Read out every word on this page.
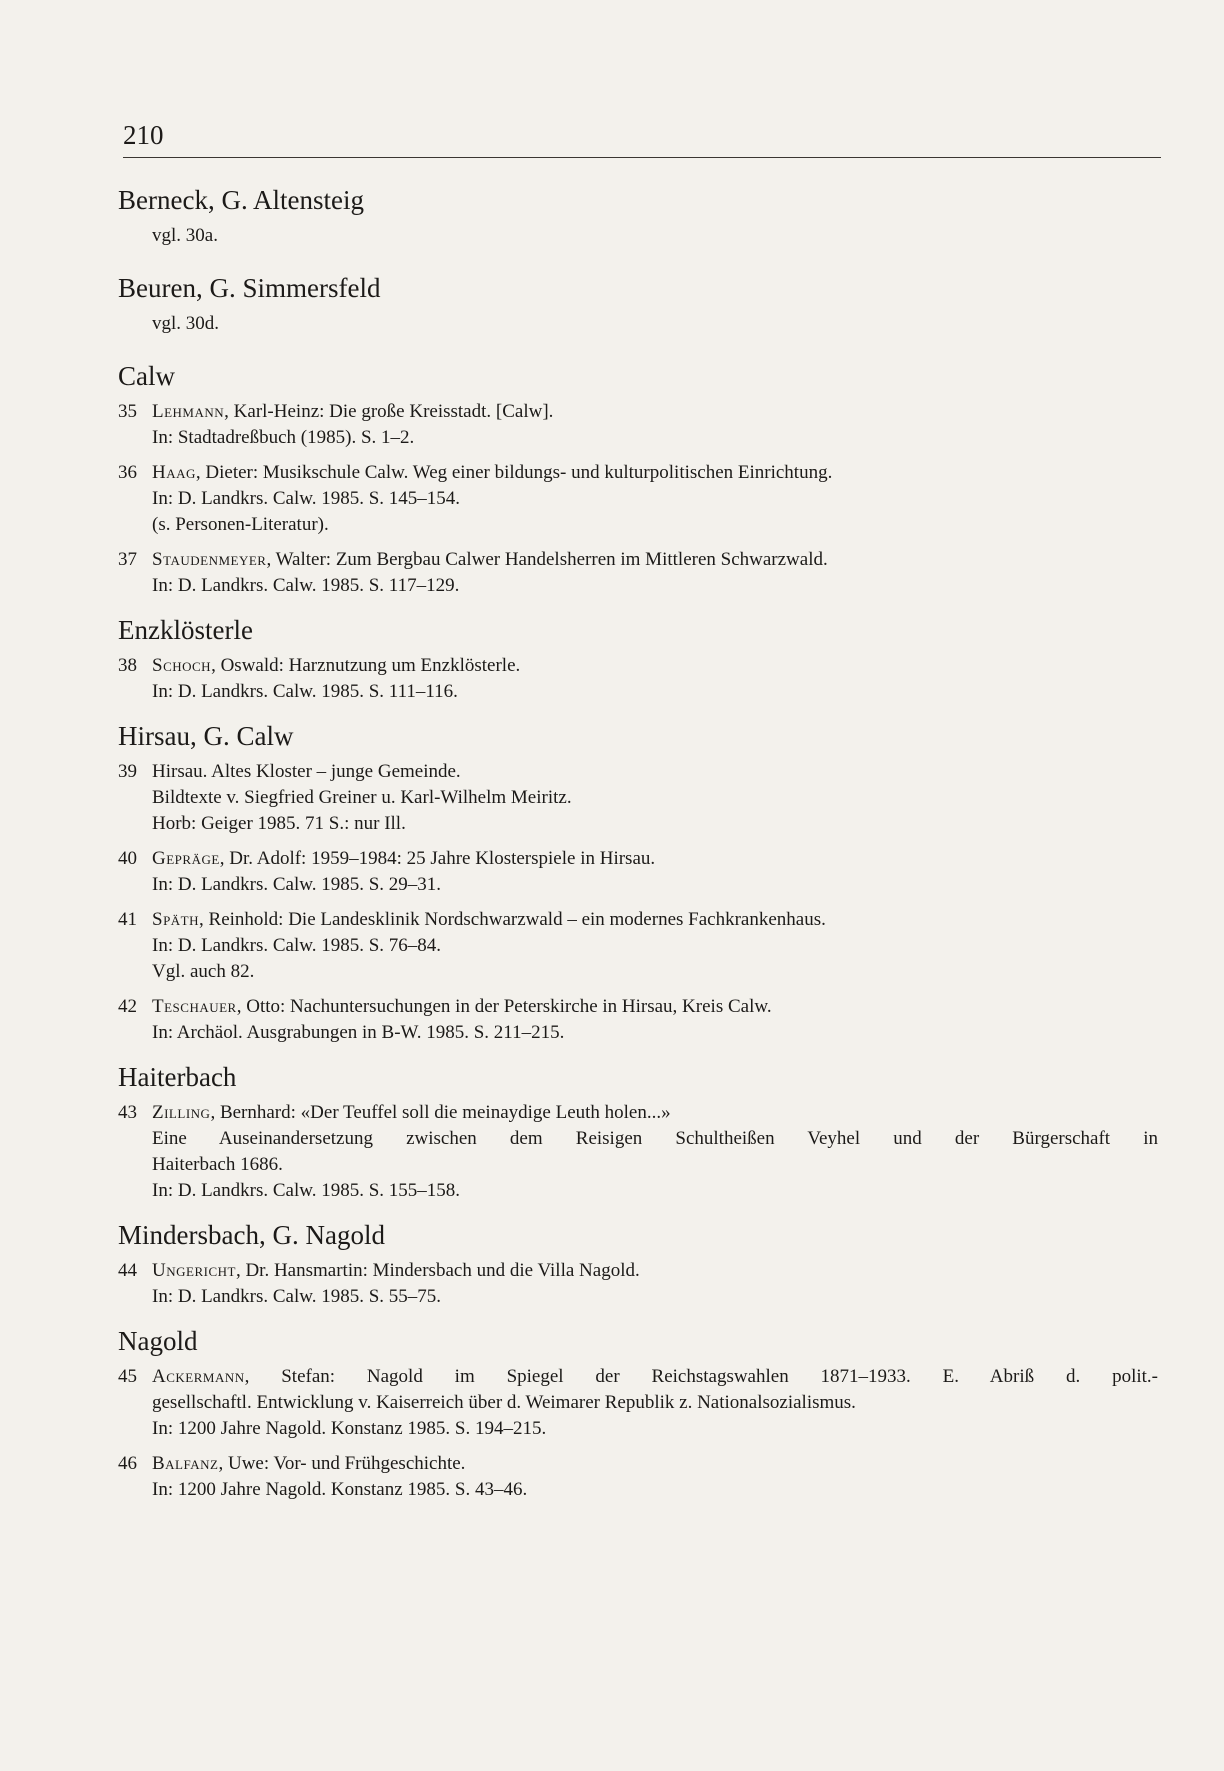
210
Berneck, G. Altensteig
vgl. 30a.
Beuren, G. Simmersfeld
vgl. 30d.
Calw
35 Lehmann, Karl-Heinz: Die große Kreisstadt. [Calw].
In: Stadtadreßbuch (1985). S. 1–2.
36 Haag, Dieter: Musikschule Calw. Weg einer bildungs- und kulturpolitischen Einrichtung.
In: D. Landkrs. Calw. 1985. S. 145–154.
(s. Personen-Literatur).
37 Staudenmeyer, Walter: Zum Bergbau Calwer Handelsherren im Mittleren Schwarzwald.
In: D. Landkrs. Calw. 1985. S. 117–129.
Enzklösterle
38 Schoch, Oswald: Harznutzung um Enzklösterle.
In: D. Landkrs. Calw. 1985. S. 111–116.
Hirsau, G. Calw
39 Hirsau. Altes Kloster – junge Gemeinde.
Bildtexte v. Siegfried Greiner u. Karl-Wilhelm Meiritz.
Horb: Geiger 1985. 71 S.: nur Ill.
40 Gepräge, Dr. Adolf: 1959–1984: 25 Jahre Klosterspiele in Hirsau.
In: D. Landkrs. Calw. 1985. S. 29–31.
41 Späth, Reinhold: Die Landesklinik Nordschwarzwald – ein modernes Fachkrankenhaus.
In: D. Landkrs. Calw. 1985. S. 76–84.
Vgl. auch 82.
42 Teschauer, Otto: Nachuntersuchungen in der Peterskirche in Hirsau, Kreis Calw.
In: Archäol. Ausgrabungen in B-W. 1985. S. 211–215.
Haiterbach
43 Zilling, Bernhard: «Der Teuffel soll die meinaydige Leuth holen...»
Eine Auseinandersetzung zwischen dem Reisigen Schultheißen Veyhel und der Bürgerschaft in
Haiterbach 1686.
In: D. Landkrs. Calw. 1985. S. 155–158.
Mindersbach, G. Nagold
44 Ungericht, Dr. Hansmartin: Mindersbach und die Villa Nagold.
In: D. Landkrs. Calw. 1985. S. 55–75.
Nagold
45 Ackermann, Stefan: Nagold im Spiegel der Reichstagswahlen 1871–1933. E. Abriß d. polit.-
gesellschaftl. Entwicklung v. Kaiserreich über d. Weimarer Republik z. Nationalsozialismus.
In: 1200 Jahre Nagold. Konstanz 1985. S. 194–215.
46 Balfanz, Uwe: Vor- und Frühgeschichte.
In: 1200 Jahre Nagold. Konstanz 1985. S. 43–46.
